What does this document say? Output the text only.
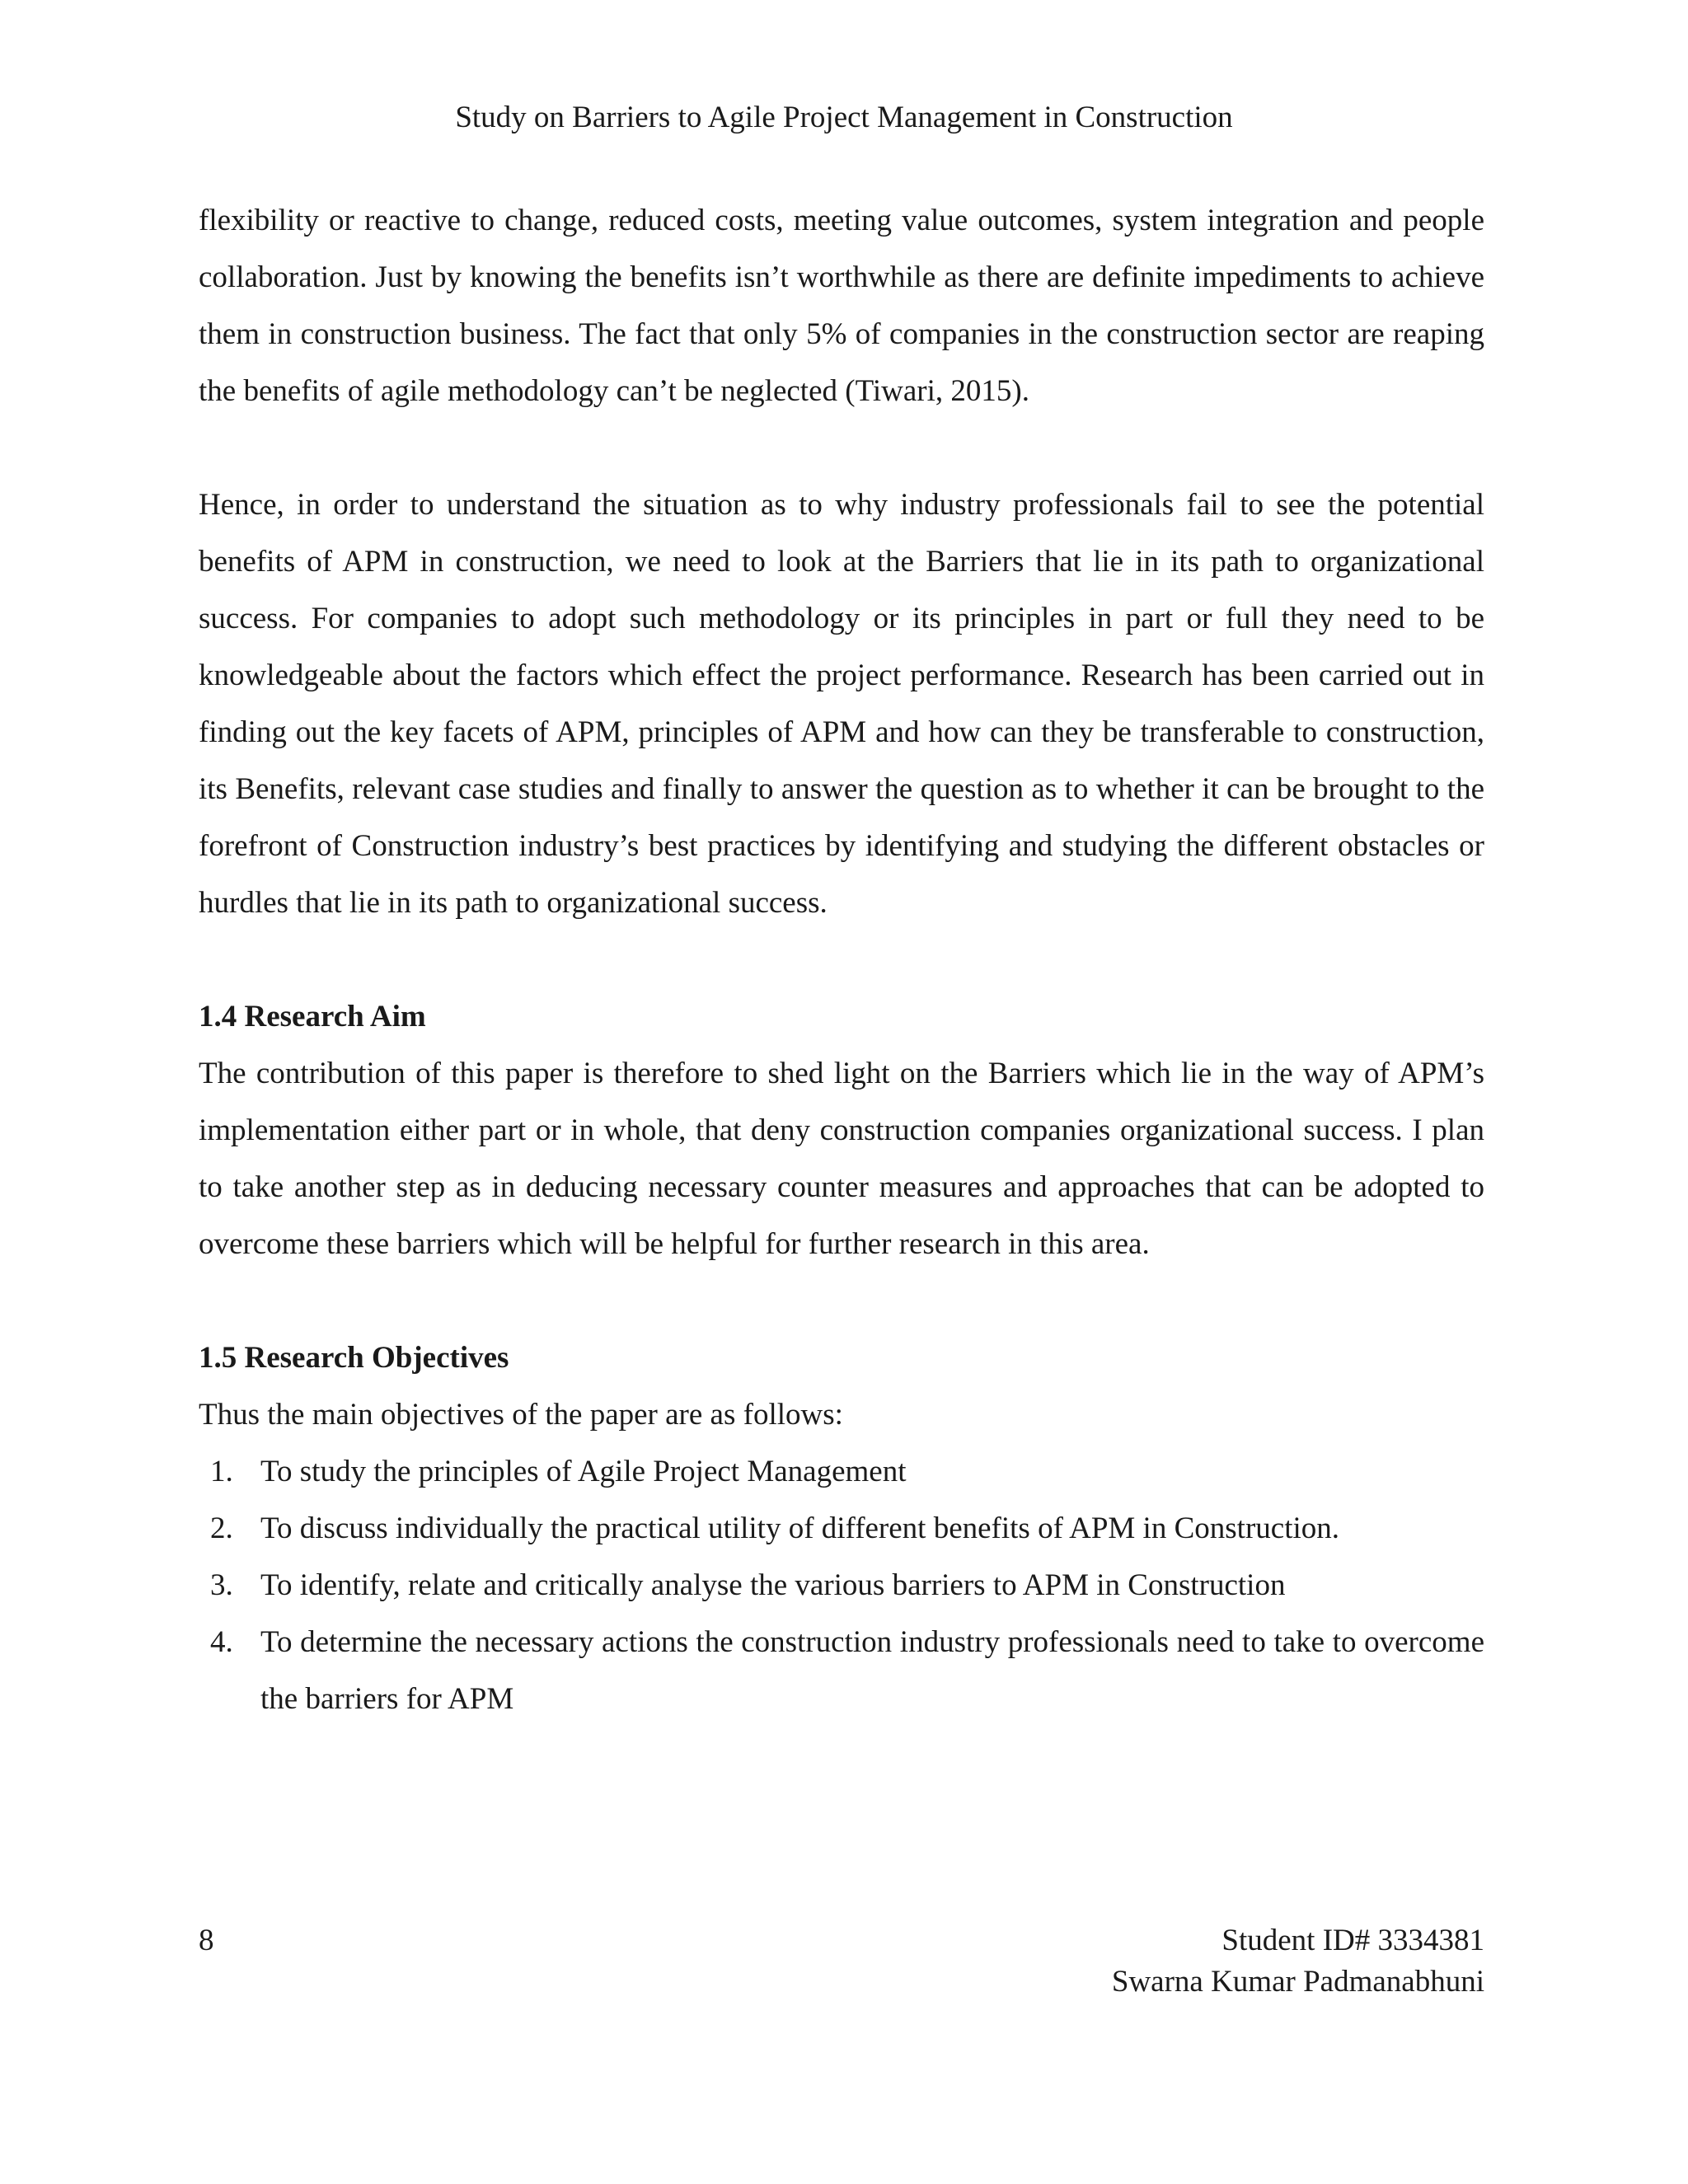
Study on Barriers to Agile Project Management in Construction

flexibility or reactive to change, reduced costs, meeting value outcomes, system integration and people collaboration. Just by knowing the benefits isn’t worthwhile as there are definite impediments to achieve them in construction business. The fact that only 5% of companies in the construction sector are reaping the benefits of agile methodology can’t be neglected (Tiwari, 2015).

Hence, in order to understand the situation as to why industry professionals fail to see the potential benefits of APM in construction, we need to look at the Barriers that lie in its path to organizational success. For companies to adopt such methodology or its principles in part or full they need to be knowledgeable about the factors which effect the project performance. Research has been carried out in finding out the key facets of APM, principles of APM and how can they be transferable to construction, its Benefits, relevant case studies and finally to answer the question as to whether it can be brought to the forefront of Construction industry’s best practices by identifying and studying the different obstacles or hurdles that lie in its path to organizational success.

1.4 Research Aim

The contribution of this paper is therefore to shed light on the Barriers which lie in the way of APM’s implementation either part or in whole, that deny construction companies organizational success. I plan to take another step as in deducing necessary counter measures and approaches that can be adopted to overcome these barriers which will be helpful for further research in this area.

1.5 Research Objectives

Thus the main objectives of the paper are as follows:

1. To study the principles of Agile Project Management
2. To discuss individually the practical utility of different benefits of APM in Construction.
3. To identify, relate and critically analyse the various barriers to APM in Construction
4. To determine the necessary actions the construction industry professionals need to take to overcome the barriers for APM
8	Student ID# 3334381
Swarna Kumar Padmanabhuni
